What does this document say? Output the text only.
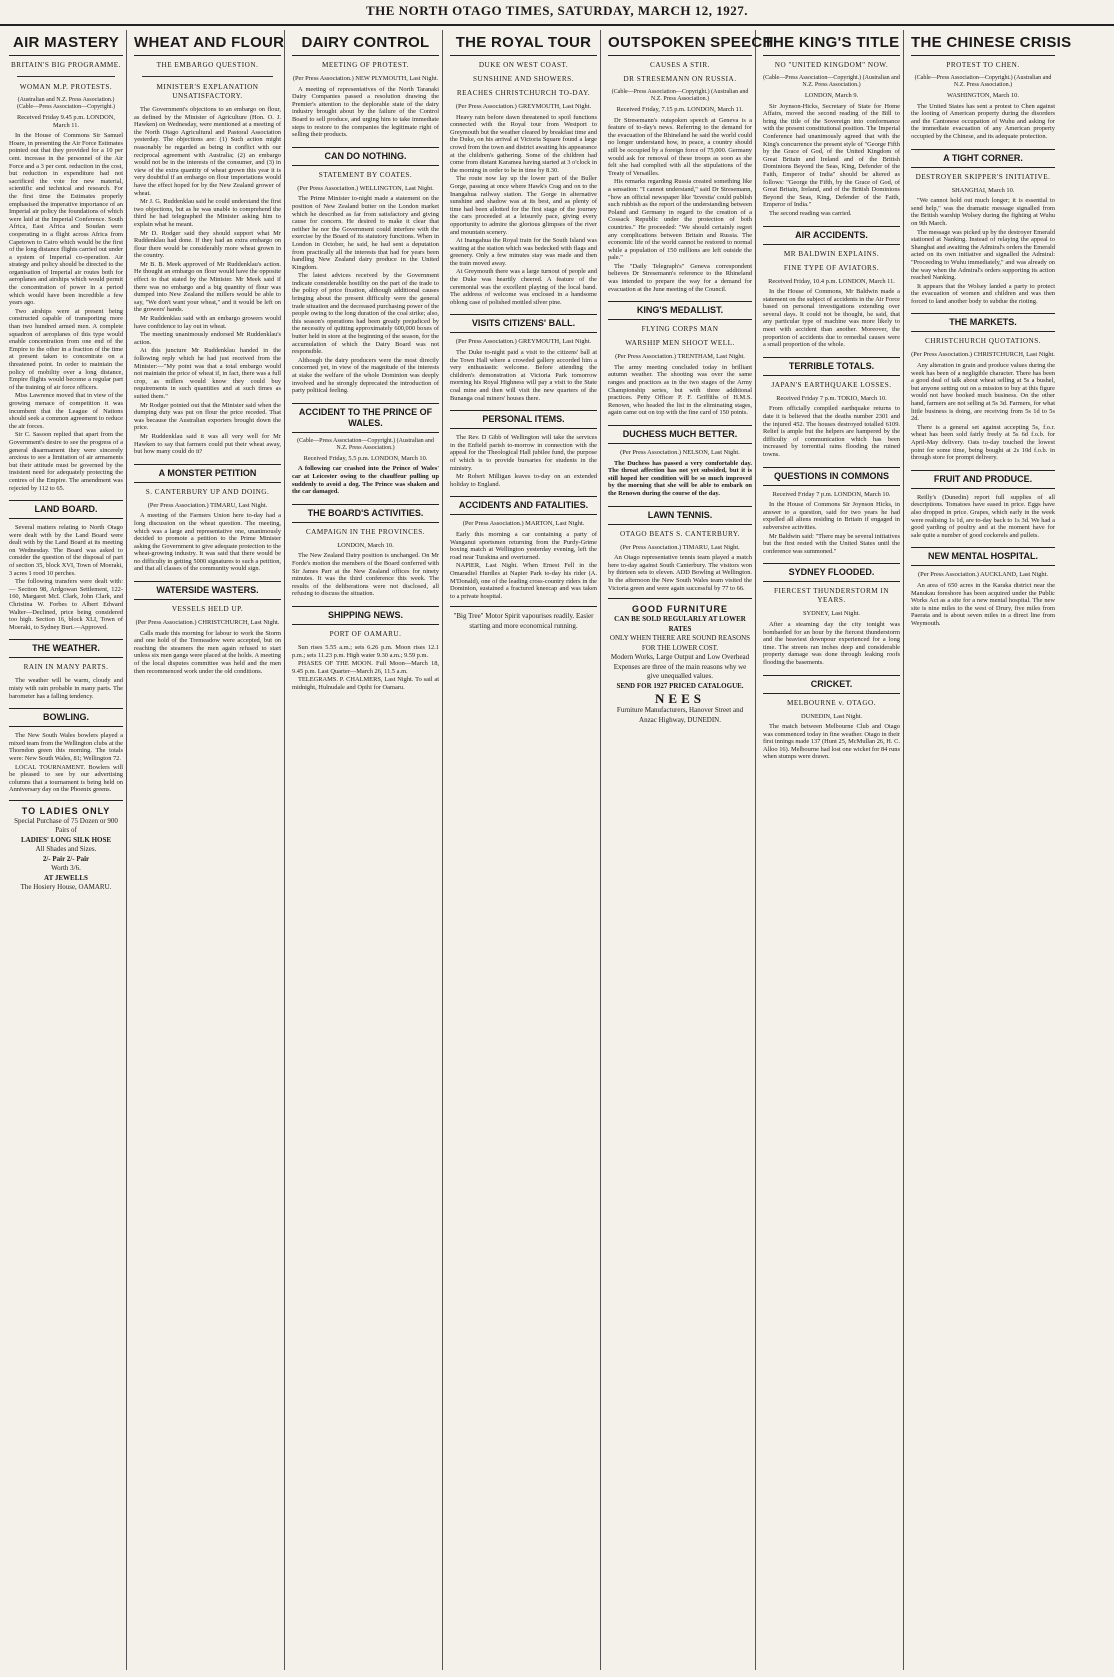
THE NORTH OTAGO TIMES, SATURDAY, MARCH 12, 1927.
AIR MASTERY
BRITAIN'S BIG PROGRAMME.
WOMAN M.P. PROTESTS.
(Australian and N.Z. Press Association.) (Cable—Press Association—Copyright.)
Received Friday 9.45 p.m. LONDON, March 11.

In the House of Commons Sir Samuel Hoare, in presenting the Air Force Estimates pointed out that they provided for a 10 per cent. increase in the personnel of the Air Force and a 3 per cent. reduction in the cost, but reduction in expenditure had not sacrificed the vote for new material, scientific and technical and research. For the first time the Estimates properly emphasised the imperative importance of an Imperial air policy the foundations of which were laid at the Imperial Conference. South Africa, East Africa and Soudan were cooperating in a flight across Africa from Capetown to Cairo which would be the first of the long distance flights carried out under a system of Imperial co-operation. Air strategy and policy should be directed to the organisation of Imperial air routes both for aeroplanes and airships which would permit the concentration of power in a period which would have been incredible a few years ago.

Two airships were at present being constructed capable of transporting more than two hundred armed men. A complete squadron of aeroplanes of this type would enable concentration from one end of the Empire to the other in a fraction of the time at present taken to concentrate on a threatened point. In order to maintain the policy of mobility over a long distance, Empire flights would become a regular part of the training of air force officers.

Miss Lawrence moved that in view of the growing menace of competition it was incumbent that the League of Nations should seek a common agreement to reduce the air forces.

Sir C. Sasoon replied that apart from the Government's desire to see the progress of a general disarmament they were sincerely anxious to see a limitation of air armaments but their attitude must be governed by the insistent need for adequately protecting the centres of the Empire. The amendment was rejected by 112 to 65.

LAND BOARD.

Several matters relating to North Otago were dealt with by the Land Board were dealt with by the Land Board at its meeting on Wednesday. The Board was asked to consider the question of the disposal of part of section 35, block XVI, Town of Moeraki, 3 acres 1 rood 10 perches.

The following transfers were dealt with:— Section 98, Ardgowan Settlement, 122-160, Margaret McI. Clark, John Clark, and Christina W. Forbes to Albert Edward Walter—Declined, price being considered too high. Section 16, block XLI, Town of Moeraki, to Sydney Burt.—Approved.

THE WEATHER.
RAIN IN MANY PARTS.

The weather will be warm, cloudy and misty with rain probable in many parts. The barometer has a falling tendency.

BOWLING.

The New South Wales bowlers played a mixed team from the Wellington clubs at the Thorndon green this morning. The totals were: New South Wales, 81; Wellington 72.

LOCAL TOURNAMENT. Bowlers will be pleased to see by our advertising columns that a tournament is being held on Anniversary day on the Phoenix greens.

TO LADIES ONLY
Special Purchase of 75 Dozen or 900 Pairs of
LADIES' LONG SILK HOSE
All Shades and Sizes.
2/- Pair 2/- Pair
Worth 3/6.
AT JEWELLS
The Hosiery House, OAMARU.
WHEAT AND FLOUR
THE EMBARGO QUESTION.
MINISTER'S EXPLANATION UNSATISFACTORY.

The Government's objections to an embargo on flour, as defined by the Minister of Agriculture (Hon. O. J. Hawken) on Wednesday, were mentioned at a meeting of the North Otago Agricultural and Pastoral Association yesterday. The objections are: (1) Such action might reasonably be regarded as being in conflict with our reciprocal agreement with Australia; (2) an embargo would not be in the interests of the consumer, and (3) in view of the extra quantity of wheat grown this year it is very doubtful if an embargo on flour importations would have the effect hoped for by the New Zealand grower of wheat.

Mr J. G. Ruddenklau said he could understand the first two objections, but as he was unable to comprehend the third he had telegraphed the Minister asking him to explain what he meant.

Mr D. Rodger said they should support what Mr Ruddenklau had done. If they had an extra embargo on flour there would be considerably more wheat grown in the country.

Mr B. B. Meek approved of Mr Ruddenklau's action. He thought an embargo on flour would have the opposite effect to that stated by the Minister. Mr Meek said if there was no embargo and a big quantity of flour was dumped into New Zealand the millers would be able to say, "We don't want your wheat," and it would be left on the growers' hands.

Mr Ruddenklau said with an embargo growers would have confidence to lay out in wheat.

The meeting unanimously endorsed Mr Ruddenklau's action.

At this juncture Mr Ruddenklau handed in the following reply which he had just received from the Minister:—"My point was that a total embargo would not maintain the price of wheat if, in fact, there was a full crop, as millers would know they could buy requirements in such quantities and at such times as suited them."

Mr Rodger pointed out that the Minister said when the dumping duty was put on flour the price receded. That was because the Australian exporters brought down the price.

Mr Ruddenklau said it was all very well for Mr Hawken to say that farmers could put their wheat away, but how many could do it?

A MONSTER PETITION
S. CANTERBURY UP AND DOING.
(Per Press Association.) TIMARU, Last Night.

A meeting of the Farmers Union here to-day had a long discussion on the wheat question. The meeting, which was a large and representative one, unanimously decided to promote a petition to the Prime Minister asking the Government to give adequate protection to the wheat-growing industry. It was said that there would be no difficulty in getting 5000 signatures to such a petition, and that all classes of the community would sign.

WATERSIDE WASTERS.
VESSELS HELD UP.
(Per Press Association.) CHRISTCHURCH, Last Night.

Calls made this morning for labour to work the Storm and one hold of the Tremeadow were accepted, but on reaching the steamers the men again refused to start unless six men gangs were placed at the holds. A meeting of the local disputes committee was held and the men then recommenced work under the old conditions.

DAIRY CONTROL
MEETING OF PROTEST.
(Per Press Association.) NEW PLYMOUTH, Last Night.

A meeting of representatives of the North Taranaki Dairy Companies passed a resolution drawing the Premier's attention to the deplorable state of the dairy industry brought about by the failure of the Control Board to sell produce, and urging him to take immediate steps to restore to the companies the legitimate right of selling their products.

CAN DO NOTHING.
STATEMENT BY COATES.
(Per Press Association.) WELLINGTON, Last Night.

The Prime Minister to-night made a statement on the position of New Zealand butter on the London market which he described as far from satisfactory and giving cause for concern. He desired to make it clear that neither he nor the Government could interfere with the exercise by the Board of its statutory functions. When in London in October, he said, he had sent a deputation from practically all the interests that had for years been handling New Zealand dairy produce in the United Kingdom.

The latest advices received by the Government indicate considerable hostility on the part of the trade to the policy of price fixation, although additional causes bringing about the present difficulty were the general trade situation and the decreased purchasing power of the people owing to the long duration of the coal strike; also, this season's operations had been greatly prejudiced by the necessity of quitting approximately 600,000 boxes of butter held in store at the beginning of the season, for the accumulation of which the Dairy Board was not responsible.

Although the dairy producers were the most directly concerned yet, in view of the magnitude of the interests at stake the welfare of the whole Dominion was deeply involved and he strongly deprecated the introduction of party political feeling.

ACCIDENT TO THE PRINCE OF WALES.
(Cable—Press Association—Copyright.) (Australian and N.Z. Press Association.)
Received Friday, 5.5 p.m. LONDON, March 10.

A following car crashed into the Prince of Wales' car at Leicester owing to the chauffeur pulling up suddenly to avoid a dog. The Prince was shaken and the car damaged.

THE BOARD'S ACTIVITIES.
CAMPAIGN IN THE PROVINCES.
LONDON, March 10.

The New Zealand Dairy position is unchanged. On Mr Forde's motion the members of the Board conferred with Sir James Parr at the New Zealand offices for ninety minutes. It was the third conference this week. The results of the deliberations were not disclosed, all refusing to discuss the situation.

SHIPPING NEWS.
PORT OF OAMARU.

Sun rises 5.55 a.m.; sets 6.26 p.m. Moon rises 12.1 p.m.; sets 11.23 p.m. High water 9.30 a.m.; 9.59 p.m.

PHASES OF THE MOON. Full Moon—March 18, 9.45 p.m. Last Quarter—March 26, 11.5 a.m.

TELEGRAMS. P. CHALMERS, Last Night. To sail at midnight, Hulnudale and Opihi for Oamaru.

THE ROYAL TOUR
DUKE ON WEST COAST.
SUNSHINE AND SHOWERS.
REACHES CHRISTCHURCH TO-DAY.
(Per Press Association.) GREYMOUTH, Last Night.

Heavy rain before dawn threatened to spoil functions connected with the Royal tour from Westport to Greymouth but the weather cleared by breakfast time and the Duke, on his arrival at Victoria Square found a large crowd from the town and district awaiting his appearance at the children's gathering. Some of the children had come from distant Karamea having started at 3 o'clock in the morning in order to be in time by 8.30.

The route now lay up the lower part of the Buller Gorge, passing at once where Hawk's Crag and on to the Inangahua railway station. The Gorge in alternative sunshine and shadow was at its best, and as plenty of time had been allotted for the first stage of the journey the cars proceeded at a leisurely pace, giving every opportunity to admire the glorious glimpses of the river and mountain scenery.

At Inangahua the Royal train for the South Island was waiting at the station which was bedecked with flags and greenery. Only a few minutes stay was made and then the train moved away.

At Greymouth there was a large turnout of people and the Duke was heartily cheered. A feature of the ceremonial was the excellent playing of the local band. The address of welcome was enclosed in a handsome oblong case of polished mottled silver pine.

VISITS CITIZENS' BALL.
(Per Press Association.) GREYMOUTH, Last Night.

The Duke to-night paid a visit to the citizens' ball at the Town Hall where a crowded gallery accorded him a very enthusiastic welcome. Before attending the children's demonstration at Victoria Park tomorrow morning his Royal Highness will pay a visit to the State coal mine and then will visit the new quarters of the Bunanga coal miners' houses there.

PERSONAL ITEMS.

The Rev. D Gibb of Wellington will take the services in the Enfield parish to-morrow in connection with the appeal for the Theological Hall jubilee fund, the purpose of which is to provide bursaries for students in the ministry.

Mr Robert Milligan leaves to-day on an extended holiday to England.

ACCIDENTS AND FATALITIES.
(Per Press Association.) MARTON, Last Night.

Early this morning a car containing a party of Wanganui sportsmen returning from the Purdy-Grime boxing match at Wellington yesterday evening, left the road near Turakina and overturned.

NAPIER, Last Night. When Ernest Fell in the Omaradiel Hurdles at Napier Park to-day his rider (A. M'Donald), one of the leading cross-country riders in the Dominion, sustained a fractured kneecap and was taken to a private hospital.

"Big Tree" Motor Spirit vapourises readily. Easier starting and more economical running.
OUTSPOKEN SPEECH
CAUSES A STIR.
DR STRESEMANN ON RUSSIA.
(Cable—Press Association—Copyright.) (Australian and N.Z. Press Association.)
Received Friday, 7.15 p.m. LONDON, March 11.

Dr Stresemann's outspoken speech at Geneva is a feature of to-day's news. Referring to the demand for the evacuation of the Rhineland he said the world could no longer understand how, in peace, a country should still be occupied by a foreign force of 75,000. Germany would ask for removal of these troops as soon as she felt she had complied with all the stipulations of the Treaty of Versailles.

His remarks regarding Russia created something like a sensation: "I cannot understand," said Dr Stresemann, "how an official newspaper like 'Izvestia' could publish such rubbish as the report of the understanding between Poland and Germany in regard to the creation of a Cossack Republic under the protection of both countries." He proceeded: "We should certainly regret any complications between Britain and Russia. The economic life of the world cannot be restored to normal while a population of 150 millions are left outside the pale."

The "Daily Telegraph's" Geneva correspondent believes Dr Stresemann's reference to the Rhineland was intended to prepare the way for a demand for evacuation at the June meeting of the Council.

KING'S MEDALLIST.
FLYING CORPS MAN
WARSHIP MEN SHOOT WELL.
(Per Press Association.) TRENTHAM, Last Night.

The army meeting concluded today in brilliant autumn weather. The shooting was over the same ranges and practices as in the two stages of the Army Championship series, but with three additional practices. Petty Officer P. F. Griffiths of H.M.S. Renown, who headed the list in the eliminating stages, again came out on top with the fine card of 150 points.

DUCHESS MUCH BETTER.
(Per Press Association.) NELSON, Last Night.

The Duchess has passed a very comfortable day. The throat affection has not yet subsided, but it is still hoped her condition will be so much improved by the morning that she will be able to embark on the Renown during the course of the day.

LAWN TENNIS.
OTAGO BEATS S. CANTERBURY.
(Per Press Association.) TIMARU, Last Night.

An Otago representative tennis team played a match here to-day against South Canterbury. The visitors won by thirteen sets to eleven. ADD Bowling at Wellington. In the afternoon the New South Wales team visited the Victoria green and were again successful by 77 to 66.

GOOD FURNITURE
CAN BE SOLD REGULARLY AT LOWER RATES
ONLY WHEN THERE ARE SOUND REASONS FOR THE LOWER COST.
Modern Works, Large Output and Low Overhead Expenses are three of the main reasons why we give unequalled values.
SEND FOR 1927 PRICED CATALOGUE.
NEES
Furniture Manufacturers, Hanover Street and Anzac Highway, DUNEDIN.
THE KING'S TITLE
NO "UNITED KINGDOM" NOW.
(Cable—Press Association—Copyright.) (Australian and N.Z. Press Association.)
LONDON, March 9.

Sir Joynson-Hicks, Secretary of State for Home Affairs, moved the second reading of the Bill to bring the title of the Sovereign into conformance with the present constitutional position. The Imperial Conference had unanimously agreed that with the King's concurrence the present style of "George Fifth by the Grace of God, of the United Kingdom of Great Britain and Ireland and of the British Dominions Beyond the Seas, King, Defender of the Faith, Emperor of India" should be altered as follows: "George the Fifth, by the Grace of God, of Great Britain, Ireland, and of the British Dominions Beyond the Seas, King, Defender of the Faith, Emperor of India."

The second reading was carried.

AIR ACCIDENTS.
MR BALDWIN EXPLAINS.
FINE TYPE OF AVIATORS.
Received Friday, 10.4 p.m. LONDON, March 11.

In the House of Commons, Mr Baldwin made a statement on the subject of accidents in the Air Force based on personal investigations extending over several days. It could not be thought, he said, that any particular type of machine was more likely to meet with accident than another. Moreover, the proportion of accidents due to remedial causes were a small proportion of the whole.

TERRIBLE TOTALS.
JAPAN'S EARTHQUAKE LOSSES.
Received Friday 7 p.m. TOKIO, March 10.

From officially compiled earthquake returns to date it is believed that the deaths number 2301 and the injured 452. The houses destroyed totalled 6109. Relief is ample but the helpers are hampered by the difficulty of communication which has been increased by torrential rains flooding the ruined towns.

QUESTIONS IN COMMONS
Received Friday 7 p.m. LONDON, March 10.

In the House of Commons Sir Joynson Hicks, in answer to a question, said for two years he had expelled all aliens residing in Britain if engaged in subversive activities.

Mr Baldwin said: "There may be several initiatives but the first rested with the United States until the conference was summoned."

SYDNEY FLOODED.
FIERCEST THUNDERSTORM IN YEARS.
SYDNEY, Last Night.

After a steaming day the city tonight was bombarded for an hour by the fiercest thunderstorm and the heaviest downpour experienced for a long time. The streets ran inches deep and considerable property damage was done through leaking roofs flooding the basements.

CRICKET.
MELBOURNE v. OTAGO.
DUNEDIN, Last Night.

The match between Melbourne Club and Otago was commenced today in fine weather. Otago in their first innings made 137 (Hunt 25, McMullan 26, H. C. Alloo 16). Melbourne had lost one wicket for 84 runs when stumps were drawn.

THE CHINESE CRISIS
PROTEST TO CHEN.
(Cable—Press Association—Copyright.) (Australian and N.Z. Press Association.)
WASHINGTON, March 10.

The United States has sent a protest to Chen against the looting of American property during the disorders and the Cantonese occupation of Wuhu and asking for the immediate evacuation of any American property occupied by the Chinese, and its adequate protection.

A TIGHT CORNER.
DESTROYER SKIPPER'S INITIATIVE.
SHANGHAI, March 10.

"We cannot hold out much longer; it is essential to send help," was the dramatic message signalled from the British warship Wolsey during the fighting at Wuhu on 9th March.

The message was picked up by the destroyer Emerald stationed at Nanking. Instead of relaying the appeal to Shanghai and awaiting the Admiral's orders the Emerald acted on its own initiative and signalled the Admiral: "Proceeding to Wuhu immediately," and was already on the way when the Admiral's orders supporting its action reached Nanking.

It appears that the Wolsey landed a party to protect the evacuation of women and children and was then forced to land another body to subdue the rioting.

THE MARKETS.
CHRISTCHURCH QUOTATIONS.
(Per Press Association.) CHRISTCHURCH, Last Night.

Any alteration in grain and produce values during the week has been of a negligible character. There has been a good deal of talk about wheat selling at 5s a bushel, but anyone setting out on a mission to buy at this figure would not have booked much business. On the other hand, farmers are not selling at 5s 3d. Farmers, for what little business is doing, are receiving from 5s 1d to 5s 2d.

There is a general set against accepting 5s, f.o.r. wheat has been sold fairly freely at 5s 6d f.o.b. for April-May delivery. Oats to-day touched the lowest point for some time, being bought at 2s 10d f.o.b. in through store for prompt delivery.

FRUIT AND PRODUCE.

Reilly's (Dunedin) report full supplies of all descriptions. Tomatoes have eased in price. Eggs have also dropped in price. Grapes, which early in the week were realising 1s 1d, are to-day back to 1s 3d. We had a good yarding of poultry and at the moment have for sale quite a number of good cockerels and pullets.

NEW MENTAL HOSPITAL.
(Per Press Association.) AUCKLAND, Last Night.

An area of 650 acres in the Karaka district near the Manukau foreshore has been acquired under the Public Works Act as a site for a new mental hospital. The new site is nine miles to the west of Drury, five miles from Paerata and is about seven miles in a direct line from Weymouth.
